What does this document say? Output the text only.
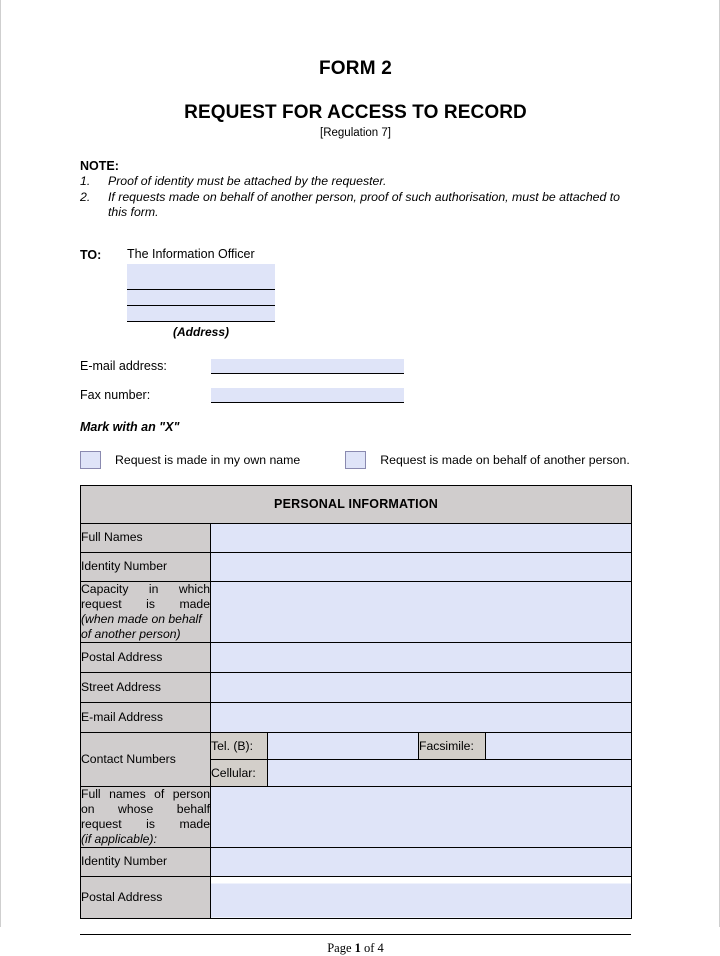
FORM 2
REQUEST FOR ACCESS TO RECORD
[Regulation 7]
NOTE:
1.	Proof of identity must be attached by the requester.
2.	If requests made on behalf of another person, proof of such authorisation, must be attached to this form.
TO:	The Information Officer
(Address)
E-mail address:
Fax number:
Mark with an "X"
Request is made in my own name	Request is made on behalf of another person.
PERSONAL INFORMATION				
Full Names				
Identity Number				

Capacity in which request is made
(when made on behalf of another person)				

Postal Address				
Street Address				
E-mail Address				
Contact Numbers	Tel. (B):		Facsimile:	
	Cellular:			

Full names of person on whose behalf request is made
(if applicable):				

Identity Number				
Postal Address				
Page 1 of 4
